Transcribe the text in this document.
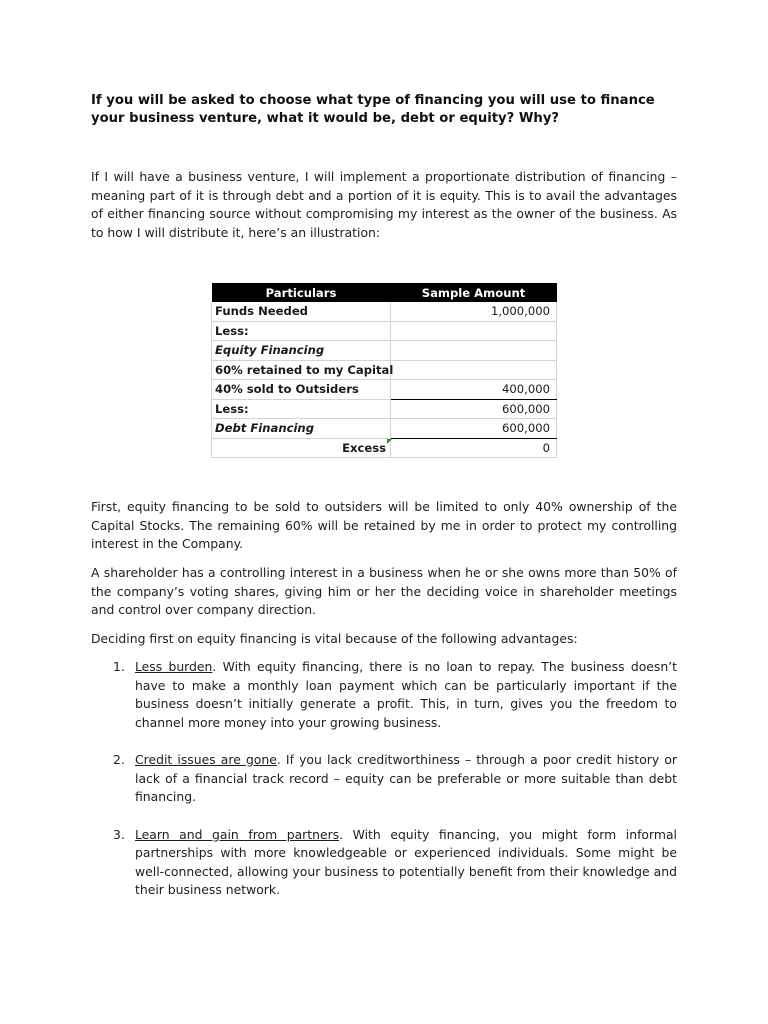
If you will be asked to choose what type of financing you will use to finance your business venture, what it would be, debt or equity? Why?

If I will have a business venture, I will implement a proportionate distribution of financing – meaning part of it is through debt and a portion of it is equity. This is to avail the advantages of either financing source without compromising my interest as the owner of the business. As to how I will distribute it, here’s an illustration:

Particulars	Sample Amount
Funds Needed	1,000,000
Less:	
Equity Financing	
60% retained to my Capital	
40% sold to Outsiders	400,000
Less:	600,000
Debt Financing	600,000
Excess	0

First, equity financing to be sold to outsiders will be limited to only 40% ownership of the Capital Stocks. The remaining 60% will be retained by me in order to protect my controlling interest in the Company.

A shareholder has a controlling interest in a business when he or she owns more than 50% of the company’s voting shares, giving him or her the deciding voice in shareholder meetings and control over company direction.

Deciding first on equity financing is vital because of the following advantages:

1. Less burden. With equity financing, there is no loan to repay. The business doesn’t have to make a monthly loan payment which can be particularly important if the business doesn’t initially generate a profit. This, in turn, gives you the freedom to channel more money into your growing business.
2. Credit issues are gone. If you lack creditworthiness – through a poor credit history or lack of a financial track record – equity can be preferable or more suitable than debt financing.
3. Learn and gain from partners. With equity financing, you might form informal partnerships with more knowledgeable or experienced individuals. Some might be well-connected, allowing your business to potentially benefit from their knowledge and their business network.
